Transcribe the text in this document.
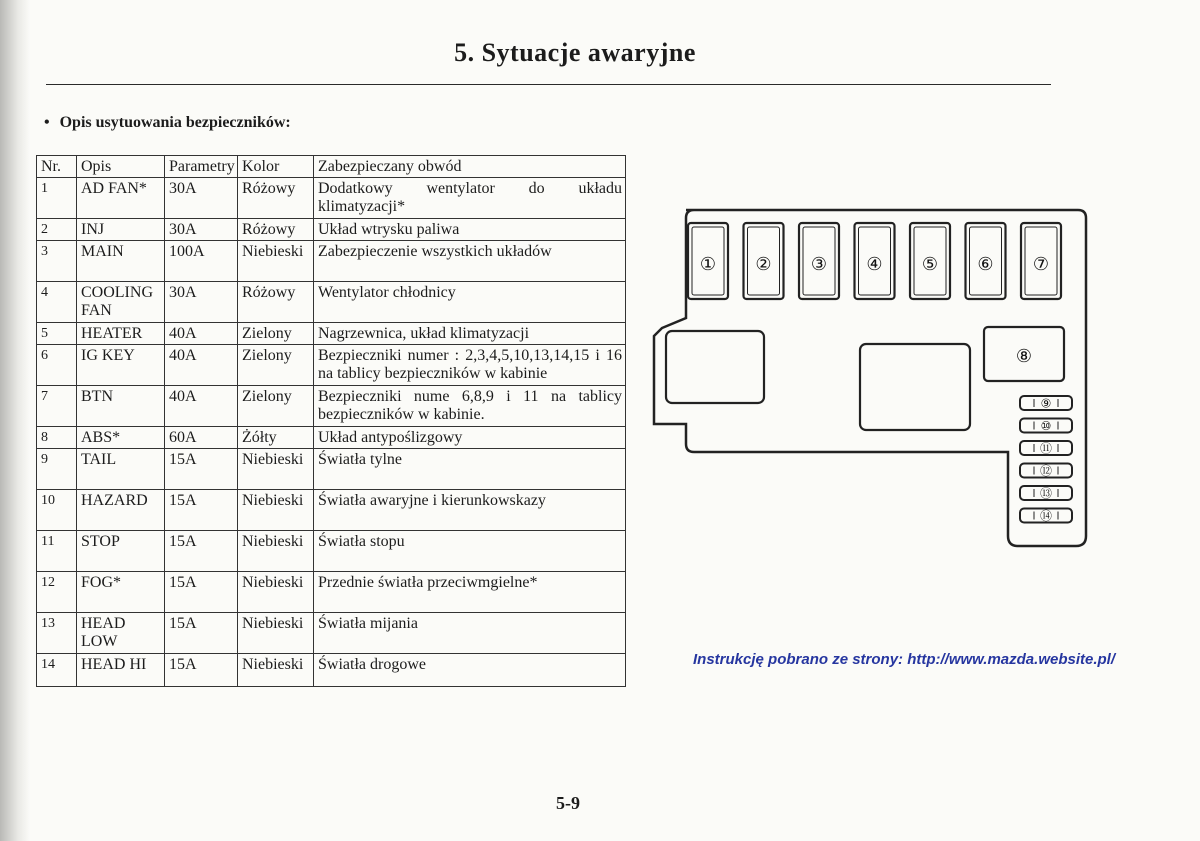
5. Sytuacje awaryjne
• Opis usytuowania bezpieczników:
Nr.	Opis	Parametry	Kolor	Zabezpieczany obwód
1	AD FAN*	30A	Różowy	Dodatkowy wentylator do układu klimatyzacji*
2	INJ	30A	Różowy	Układ wtrysku paliwa
3	MAIN	100A	Niebieski	Zabezpieczenie wszystkich układów
4	COOLING FAN	30A	Różowy	Wentylator chłodnicy
5	HEATER	40A	Zielony	Nagrzewnica, układ klimatyzacji
6	IG KEY	40A	Zielony	Bezpieczniki numer : 2,3,4,5,10,13,14,15 i 16 na tablicy bezpieczników w kabinie
7	BTN	40A	Zielony	Bezpieczniki nume 6,8,9 i 11 na tablicy bezpieczników w kabinie.
8	ABS*	60A	Żółty	Układ antypoślizgowy
9	TAIL	15A	Niebieski	Światła tylne
10	HAZARD	15A	Niebieski	Światła awaryjne i kierunkowskazy
11	STOP	15A	Niebieski	Światła stopu
12	FOG*	15A	Niebieski	Przednie światła przeciwmgielne*
13	HEAD LOW	15A	Niebieski	Światła mijania
14	HEAD HI	15A	Niebieski	Światła drogowe
① ② ③ ④ ⑤ ⑥ ⑦
⑧
⑨
⑩
⑪
⑫
⑬
⑭
Instrukcję pobrano ze strony: http://www.mazda.website.pl/
5-9
